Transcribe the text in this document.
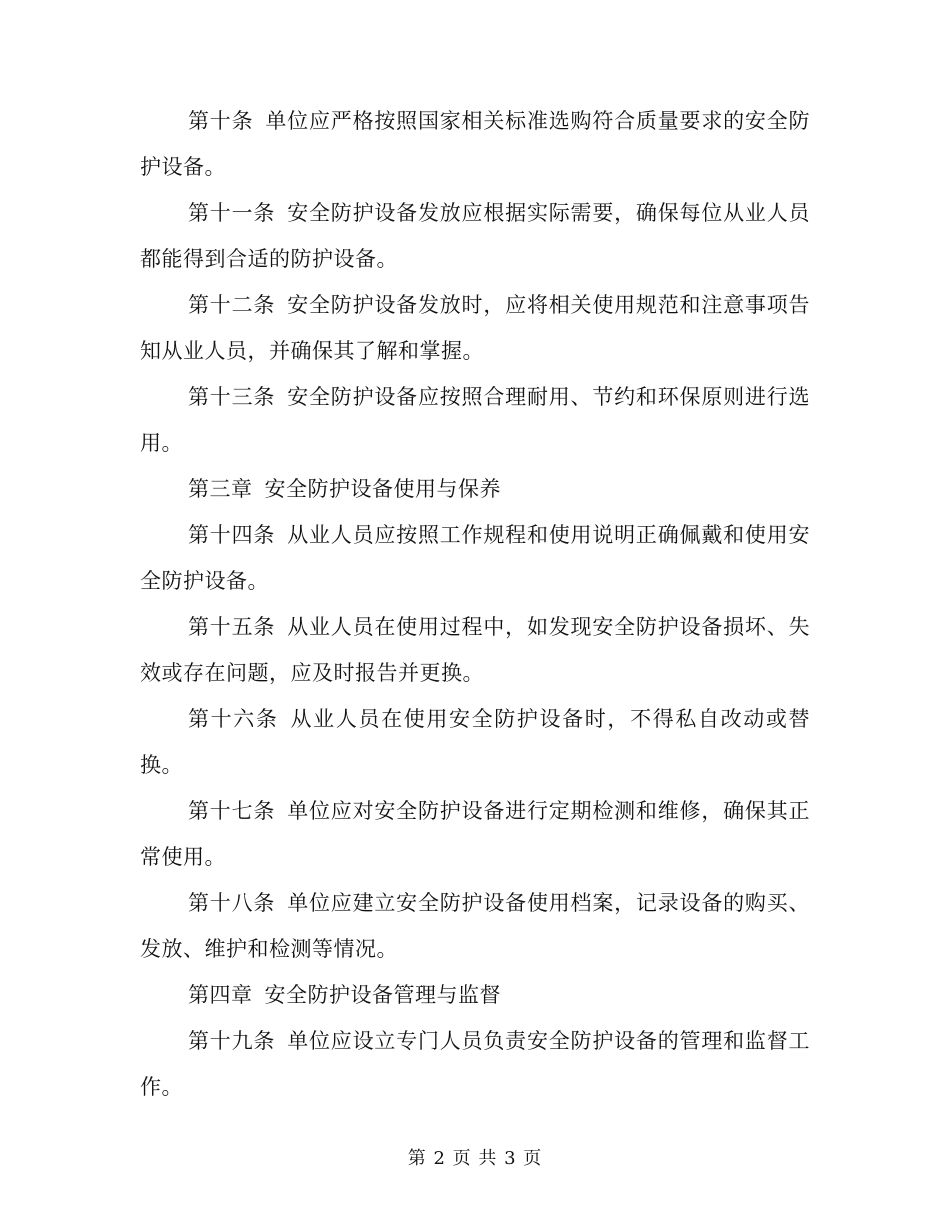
第十条 单位应严格按照国家相关标准选购符合质量要求的安全防护设备。

第十一条 安全防护设备发放应根据实际需要，确保每位从业人员都能得到合适的防护设备。

第十二条 安全防护设备发放时，应将相关使用规范和注意事项告知从业人员，并确保其了解和掌握。

第十三条 安全防护设备应按照合理耐用、节约和环保原则进行选用。

第三章 安全防护设备使用与保养

第十四条 从业人员应按照工作规程和使用说明正确佩戴和使用安全防护设备。

第十五条 从业人员在使用过程中，如发现安全防护设备损坏、失效或存在问题，应及时报告并更换。

第十六条 从业人员在使用安全防护设备时，不得私自改动或替换。

第十七条 单位应对安全防护设备进行定期检测和维修，确保其正常使用。

第十八条 单位应建立安全防护设备使用档案，记录设备的购买、发放、维护和检测等情况。

第四章 安全防护设备管理与监督

第十九条 单位应设立专门人员负责安全防护设备的管理和监督工作。

第 2 页 共 3 页
